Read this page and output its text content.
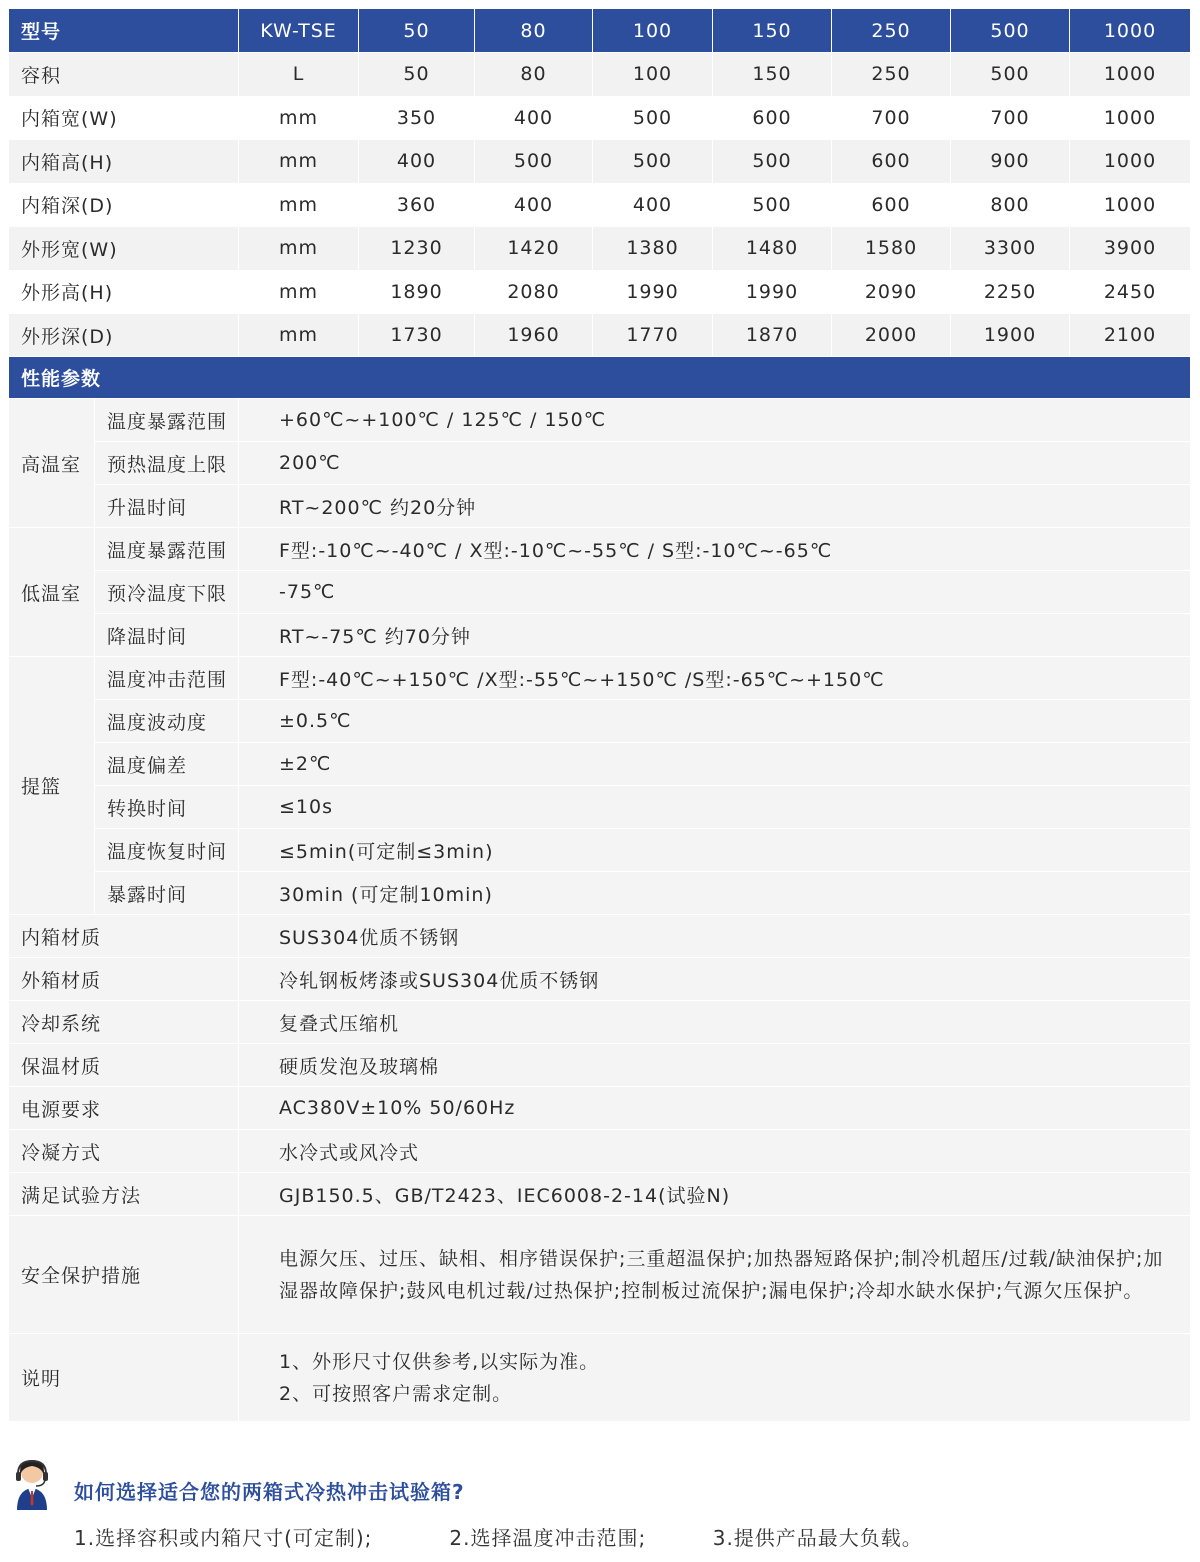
型号	KW-TSE	50	80	100	150	250	500	1000
容积	L	50	80	100	150	250	500	1000
内箱宽(W)	mm	350	400	500	600	700	700	1000
内箱高(H)	mm	400	500	500	500	600	900	1000
内箱深(D)	mm	360	400	400	500	600	800	1000
外形宽(W)	mm	1230	1420	1380	1480	1580	3300	3900
外形高(H)	mm	1890	2080	1990	1990	2090	2250	2450
外形深(D)	mm	1730	1960	1770	1870	2000	1900	2100
性能参数		
高温室	温度暴露范围	+60℃~+100℃ / 125℃ / 150℃
	预热温度上限	200℃
	升温时间	RT~200℃ 约20分钟
低温室	温度暴露范围	F型:-10℃~-40℃ / X型:-10℃~-55℃ / S型:-10℃~-65℃
	预冷温度下限	-75℃
	降温时间	RT~-75℃ 约70分钟
提篮	温度冲击范围	F型:-40℃~+150℃ /X型:-55℃~+150℃ /S型:-65℃~+150℃
	温度波动度	±0.5℃
	温度偏差	±2℃
	转换时间	≤10s
	温度恢复时间	≤5min(可定制≤3min)
	暴露时间	30min (可定制10min)
内箱材质		SUS304优质不锈钢
外箱材质		冷轧钢板烤漆或SUS304优质不锈钢
冷却系统		复叠式压缩机
保温材质		硬质发泡及玻璃棉
电源要求		AC380V±10% 50/60Hz
冷凝方式		水冷式或风冷式
满足试验方法		GJB150.5、GB/T2423、IEC6008-2-14(试验N)
安全保护措施		电源欠压、过压、缺相、相序错误保护;三重超温保护;加热器短路保护;制冷机超压/过载/缺油保护;加湿器故障保护;鼓风电机过载/过热保护;控制板过流保护;漏电保护;冷却水缺水保护;气源欠压保护。
说明		1、外形尺寸仅供参考,以实际为准。
2、可按照客户需求定制。
如何选择适合您的两箱式冷热冲击试验箱?
1.选择容积或内箱尺寸(可定制);	2.选择温度冲击范围;	3.提供产品最大负载。
